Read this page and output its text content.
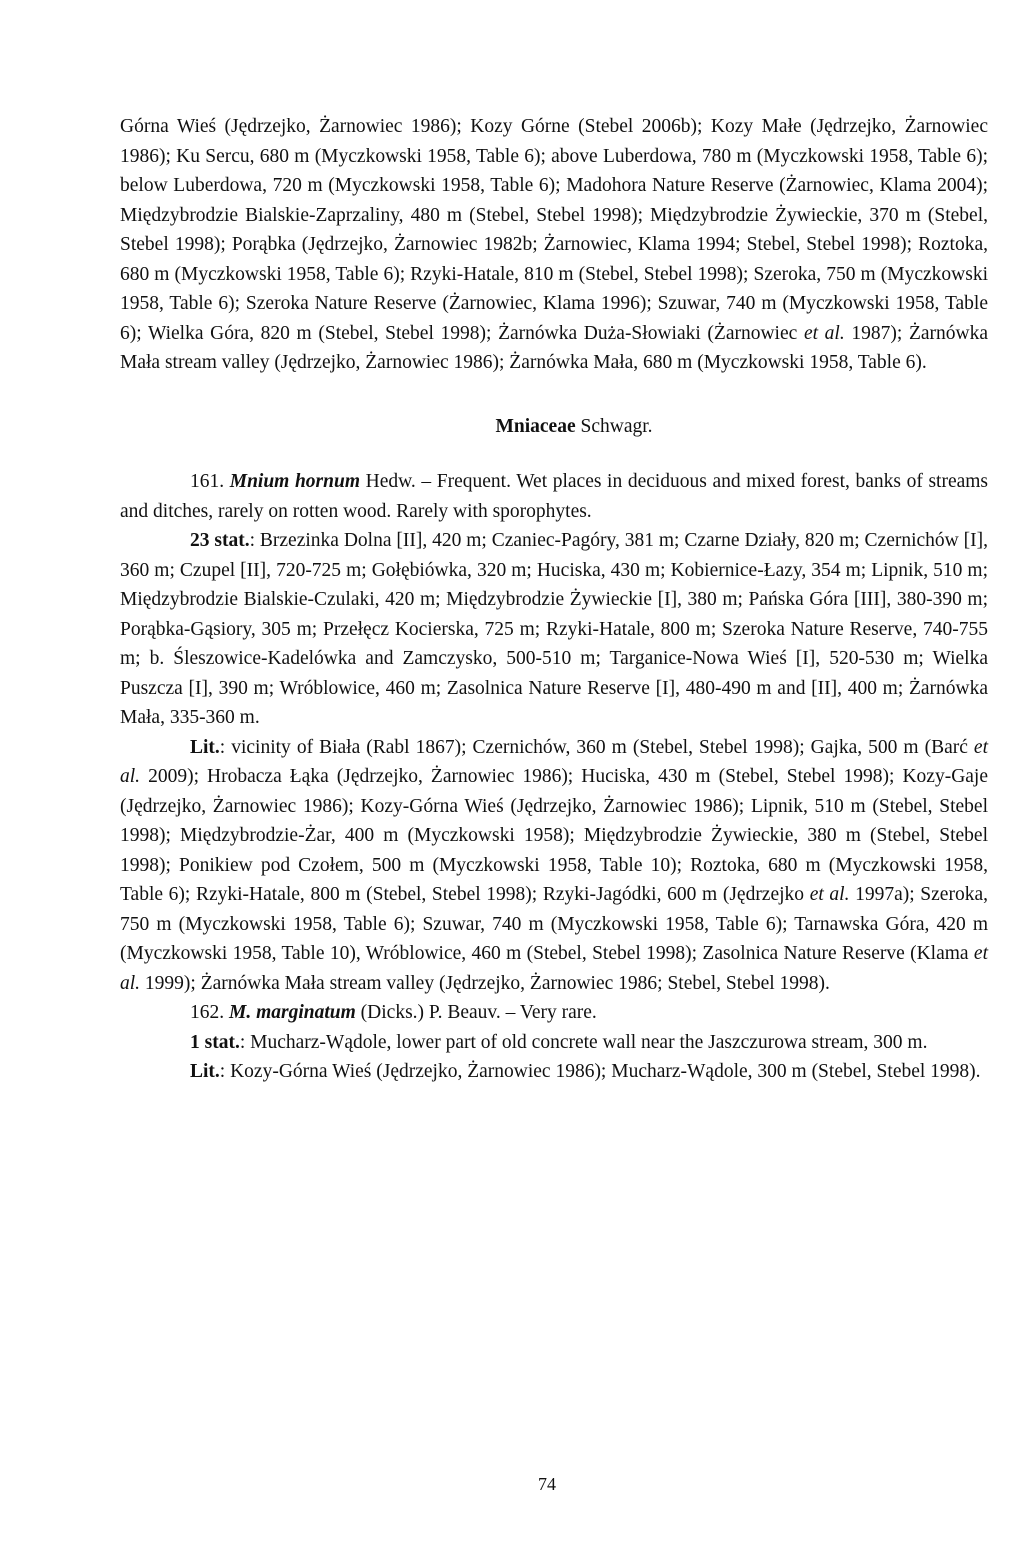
Górna Wieś (Jędrzejko, Żarnowiec 1986); Kozy Górne (Stebel 2006b); Kozy Małe (Jędrzejko, Żarnowiec 1986); Ku Sercu, 680 m (Myczkowski 1958, Table 6); above Luberdowa, 780 m (Myczkowski 1958, Table 6); below Luberdowa, 720 m (Myczkowski 1958, Table 6); Madohora Nature Reserve (Żarnowiec, Klama 2004); Międzybrodzie Bialskie-Zaprzaliny, 480 m (Stebel, Stebel 1998); Międzybrodzie Żywieckie, 370 m (Stebel, Stebel 1998); Porąbka (Jędrzejko, Żarnowiec 1982b; Żarnowiec, Klama 1994; Stebel, Stebel 1998); Roztoka, 680 m (Myczkowski 1958, Table 6); Rzyki-Hatale, 810 m (Stebel, Stebel 1998); Szeroka, 750 m (Myczkowski 1958, Table 6); Szeroka Nature Reserve (Żarnowiec, Klama 1996); Szuwar, 740 m (Myczkowski 1958, Table 6); Wielka Góra, 820 m (Stebel, Stebel 1998); Żarnówka Duża-Słowiaki (Żarnowiec et al. 1987); Żarnówka Mała stream valley (Jędrzejko, Żarnowiec 1986); Żarnówka Mała, 680 m (Myczkowski 1958, Table 6).

Mniaceae Schwagr.

161. Mnium hornum Hedw. – Frequent. Wet places in deciduous and mixed forest, banks of streams and ditches, rarely on rotten wood. Rarely with sporophytes.

23 stat.: Brzezinka Dolna [II], 420 m; Czaniec-Pagóry, 381 m; Czarne Działy, 820 m; Czernichów [I], 360 m; Czupel [II], 720-725 m; Gołębiówka, 320 m; Huciska, 430 m; Kobiernice-Łazy, 354 m; Lipnik, 510 m; Międzybrodzie Bialskie-Czulaki, 420 m; Międzybrodzie Żywieckie [I], 380 m; Pańska Góra [III], 380-390 m; Porąbka-Gąsiory, 305 m; Przełęcz Kocierska, 725 m; Rzyki-Hatale, 800 m; Szeroka Nature Reserve, 740-755 m; b. Śleszowice-Kadelówka and Zamczysko, 500-510 m; Targanice-Nowa Wieś [I], 520-530 m; Wielka Puszcza [I], 390 m; Wróblowice, 460 m; Zasolnica Nature Reserve [I], 480-490 m and [II], 400 m; Żarnówka Mała, 335-360 m.

Lit.: vicinity of Biała (Rabl 1867); Czernichów, 360 m (Stebel, Stebel 1998); Gajka, 500 m (Barć et al. 2009); Hrobacza Łąka (Jędrzejko, Żarnowiec 1986); Huciska, 430 m (Stebel, Stebel 1998); Kozy-Gaje (Jędrzejko, Żarnowiec 1986); Kozy-Górna Wieś (Jędrzejko, Żarnowiec 1986); Lipnik, 510 m (Stebel, Stebel 1998); Międzybrodzie-Żar, 400 m (Myczkowski 1958); Międzybrodzie Żywieckie, 380 m (Stebel, Stebel 1998); Ponikiew pod Czołem, 500 m (Myczkowski 1958, Table 10); Roztoka, 680 m (Myczkowski 1958, Table 6); Rzyki-Hatale, 800 m (Stebel, Stebel 1998); Rzyki-Jagódki, 600 m (Jędrzejko et al. 1997a); Szeroka, 750 m (Myczkowski 1958, Table 6); Szuwar, 740 m (Myczkowski 1958, Table 6); Tarnawska Góra, 420 m (Myczkowski 1958, Table 10), Wróblowice, 460 m (Stebel, Stebel 1998); Zasolnica Nature Reserve (Klama et al. 1999); Żarnówka Mała stream valley (Jędrzejko, Żarnowiec 1986; Stebel, Stebel 1998).

162. M. marginatum (Dicks.) P. Beauv. – Very rare.

1 stat.: Mucharz-Wądole, lower part of old concrete wall near the Jaszczurowa stream, 300 m.

Lit.: Kozy-Górna Wieś (Jędrzejko, Żarnowiec 1986); Mucharz-Wądole, 300 m (Stebel, Stebel 1998).

74
